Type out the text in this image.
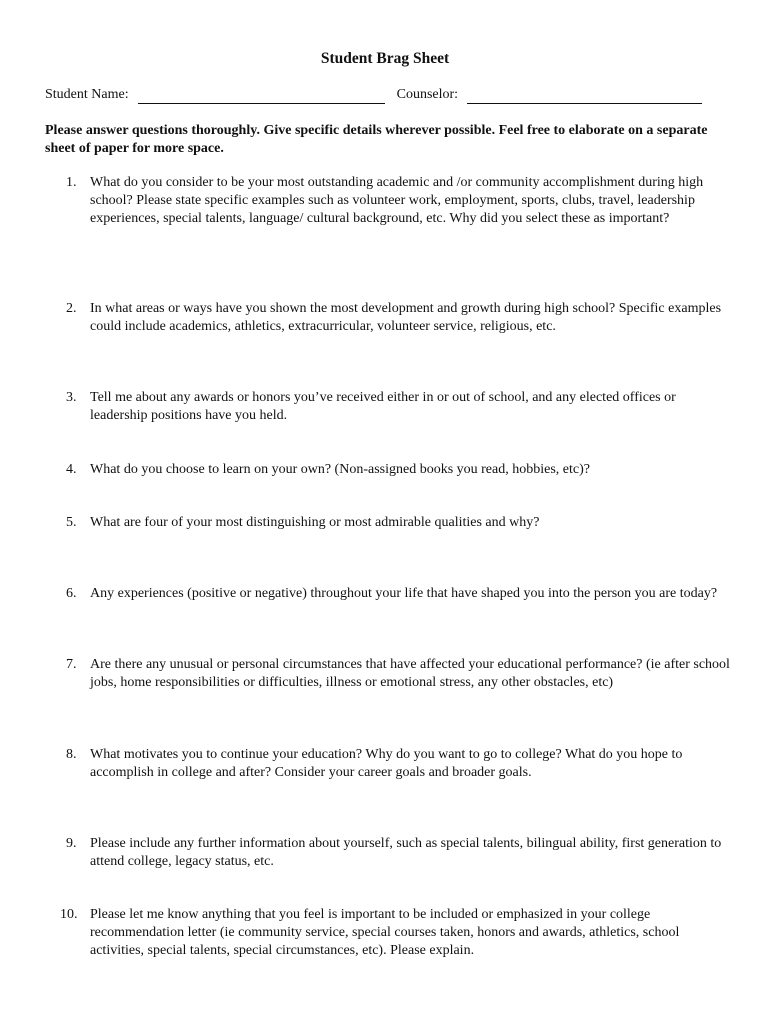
Student Brag Sheet
Student Name:	Counselor:
Please answer questions thoroughly. Give specific details wherever possible. Feel free to elaborate on a separate sheet of paper for more space.
1. What do you consider to be your most outstanding academic and /or community accomplishment during high school? Please state specific examples such as volunteer work, employment, sports, clubs, travel, leadership experiences, special talents, language/ cultural background, etc. Why did you select these as important?
2. In what areas or ways have you shown the most development and growth during high school? Specific examples could include academics, athletics, extracurricular, volunteer service, religious, etc.
3. Tell me about any awards or honors you’ve received either in or out of school, and any elected offices or leadership positions have you held.
4. What do you choose to learn on your own? (Non-assigned books you read, hobbies, etc)?
5. What are four of your most distinguishing or most admirable qualities and why?
6. Any experiences (positive or negative) throughout your life that have shaped you into the person you are today?
7. Are there any unusual or personal circumstances that have affected your educational performance? (ie after school jobs, home responsibilities or difficulties, illness or emotional stress, any other obstacles, etc)
8. What motivates you to continue your education? Why do you want to go to college? What do you hope to accomplish in college and after? Consider your career goals and broader goals.
9. Please include any further information about yourself, such as special talents, bilingual ability, first generation to attend college, legacy status, etc.
10. Please let me know anything that you feel is important to be included or emphasized in your college recommendation letter (ie community service, special courses taken, honors and awards, athletics, school activities, special talents, special circumstances, etc). Please explain.
